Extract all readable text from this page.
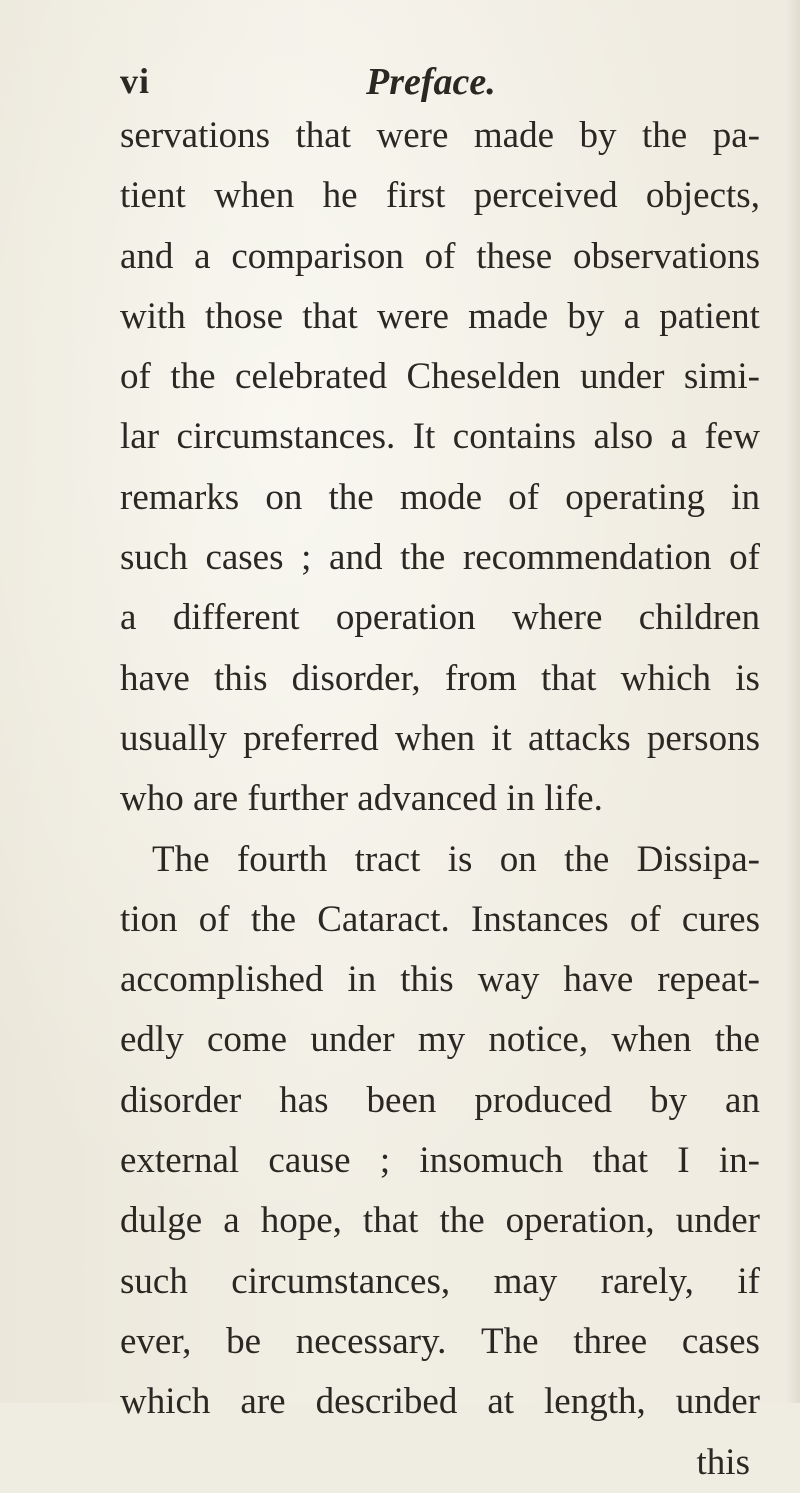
vi	Preface.
servations that were made by the pa-
tient when he first perceived objects,
and a comparison of these observations
with those that were made by a patient
of the celebrated Cheselden under simi-
lar circumstances. It contains also a few
remarks on the mode of operating in
such cases ; and the recommendation of
a different operation where children
have this disorder, from that which is
usually preferred when it attacks persons
who are further advanced in life.
The fourth tract is on the Dissipa-
tion of the Cataract. Instances of cures
accomplished in this way have repeat-
edly come under my notice, when the
disorder has been produced by an
external cause ; insomuch that I in-
dulge a hope, that the operation, under
such circumstances, may rarely, if
ever, be necessary. The three cases
which are described at length, under
this
